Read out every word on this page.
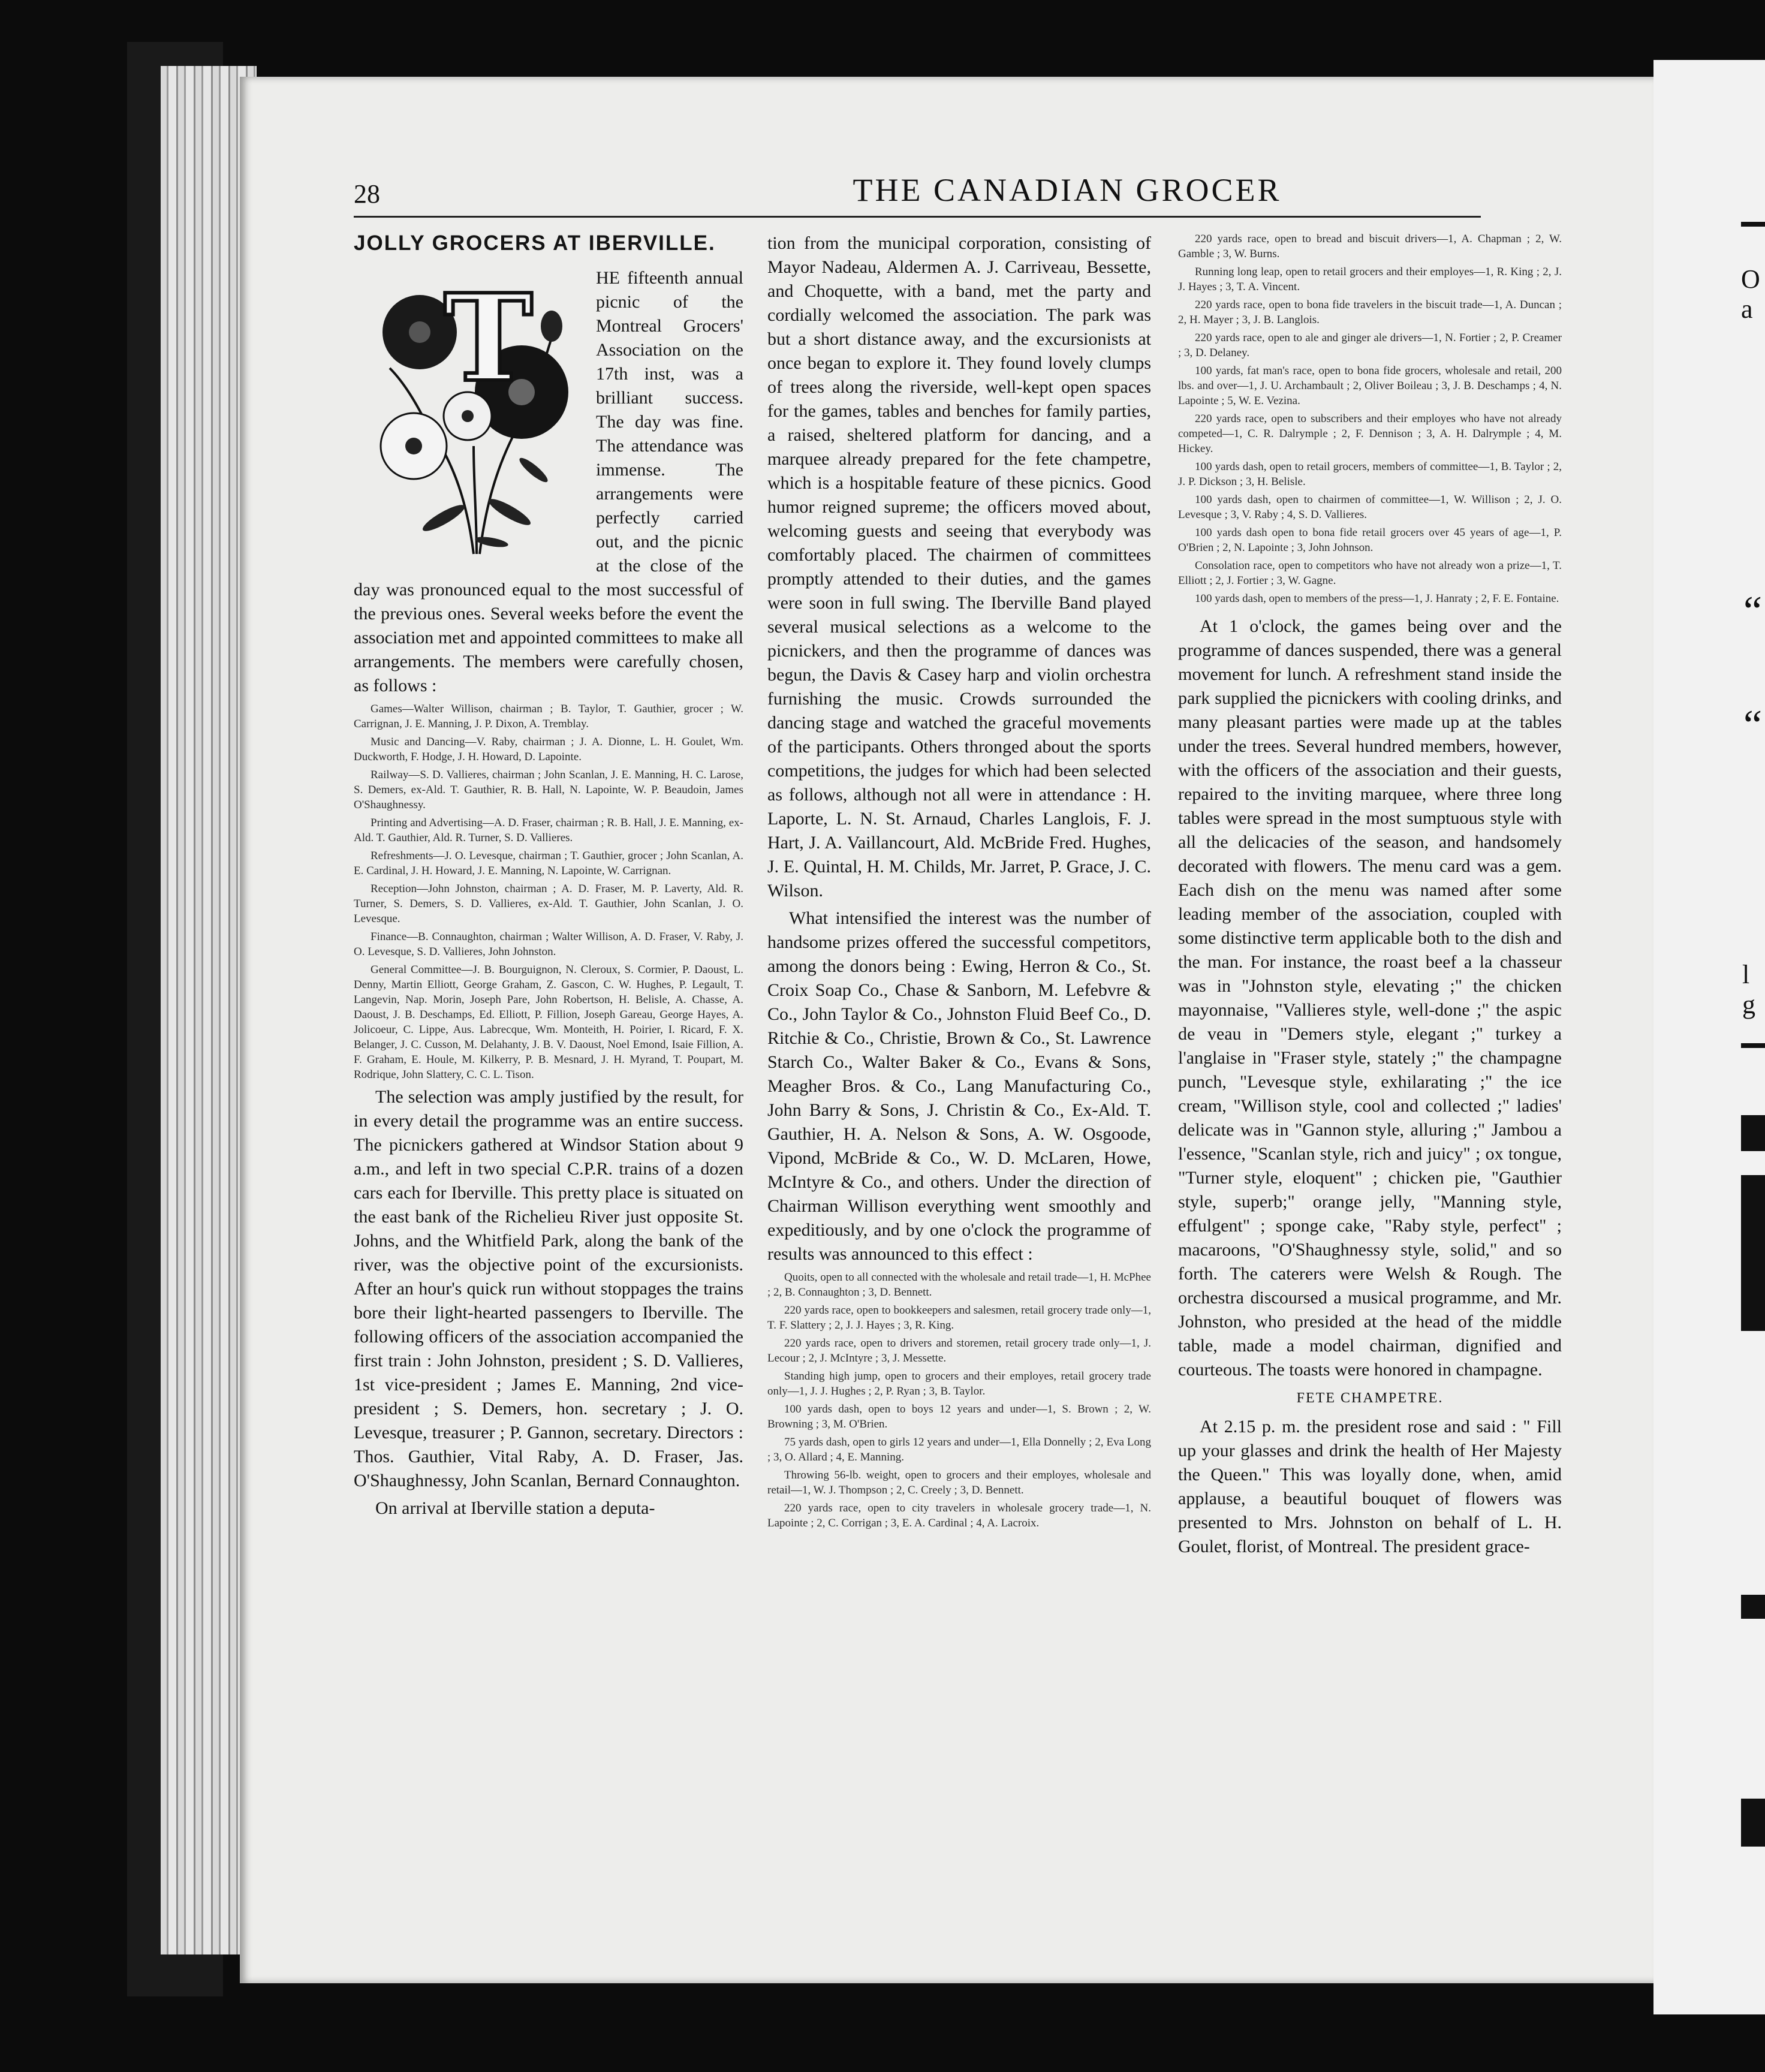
28	THE CANADIAN GROCER
JOLLY GROCERS AT IBERVILLE.
T	HE fifteenth annual picnic of the Montreal Grocers' Association on the 17th inst, was a brilliant success. The day was fine. The attendance was immense. The arrangements were perfectly carried out, and the picnic at the close of the day was pronounced equal to the most successful of the previous ones. Several weeks before the event the association met and appointed committees to make all arrangements. The members were carefully chosen, as follows :

Games—Walter Willison, chairman ; B. Taylor, T. Gauthier, grocer ; W. Carrignan, J. E. Manning, J. P. Dixon, A. Tremblay.

Music and Dancing—V. Raby, chairman ; J. A. Dionne, L. H. Goulet, Wm. Duckworth, F. Hodge, J. H. Howard, D. Lapointe.

Railway—S. D. Vallieres, chairman ; John Scanlan, J. E. Manning, H. C. Larose, S. Demers, ex-Ald. T. Gauthier, R. B. Hall, N. Lapointe, W. P. Beaudoin, James O'Shaughnessy.

Printing and Advertising—A. D. Fraser, chairman ; R. B. Hall, J. E. Manning, ex-Ald. T. Gauthier, Ald. R. Turner, S. D. Vallieres.

Refreshments—J. O. Levesque, chairman ; T. Gauthier, grocer ; John Scanlan, A. E. Cardinal, J. H. Howard, J. E. Manning, N. Lapointe, W. Carrignan.

Reception—John Johnston, chairman ; A. D. Fraser, M. P. Laverty, Ald. R. Turner, S. Demers, S. D. Vallieres, ex-Ald. T. Gauthier, John Scanlan, J. O. Levesque.

Finance—B. Connaughton, chairman ; Walter Willison, A. D. Fraser, V. Raby, J. O. Levesque, S. D. Vallieres, John Johnston.

General Committee—J. B. Bourguignon, N. Cleroux, S. Cormier, P. Daoust, L. Denny, Martin Elliott, George Graham, Z. Gascon, C. W. Hughes, P. Legault, T. Langevin, Nap. Morin, Joseph Pare, John Robertson, H. Belisle, A. Chasse, A. Daoust, J. B. Deschamps, Ed. Elliott, P. Fillion, Joseph Gareau, George Hayes, A. Jolicoeur, C. Lippe, Aus. Labrecque, Wm. Monteith, H. Poirier, I. Ricard, F. X. Belanger, J. C. Cusson, M. Delahanty, J. B. V. Daoust, Noel Emond, Isaie Fillion, A. F. Graham, E. Houle, M. Kilkerry, P. B. Mesnard, J. H. Myrand, T. Poupart, M. Rodrique, John Slattery, C. C. L. Tison.

The selection was amply justified by the result, for in every detail the programme was an entire success. The picnickers gathered at Windsor Station about 9 a.m., and left in two special C.P.R. trains of a dozen cars each for Iberville. This pretty place is situated on the east bank of the Richelieu River just opposite St. Johns, and the Whitfield Park, along the bank of the river, was the objective point of the excursionists. After an hour's quick run without stoppages the trains bore their light-hearted passengers to Iberville. The following officers of the association accompanied the first train : John Johnston, president ; S. D. Vallieres, 1st vice-president ; James E. Manning, 2nd vice-president ; S. Demers, hon. secretary ; J. O. Levesque, treasurer ; P. Gannon, secretary. Directors : Thos. Gauthier, Vital Raby, A. D. Fraser, Jas. O'Shaughnessy, John Scanlan, Bernard Connaughton.

On arrival at Iberville station a deputa-

tion from the municipal corporation, consisting of Mayor Nadeau, Aldermen A. J. Carriveau, Bessette, and Choquette, with a band, met the party and cordially welcomed the association. The park was but a short distance away, and the excursionists at once began to explore it. They found lovely clumps of trees along the riverside, well-kept open spaces for the games, tables and benches for family parties, a raised, sheltered platform for dancing, and a marquee already prepared for the fete champetre, which is a hospitable feature of these picnics. Good humor reigned supreme; the officers moved about, welcoming guests and seeing that everybody was comfortably placed. The chairmen of committees promptly attended to their duties, and the games were soon in full swing. The Iberville Band played several musical selections as a welcome to the picnickers, and then the programme of dances was begun, the Davis & Casey harp and violin orchestra furnishing the music. Crowds surrounded the dancing stage and watched the graceful movements of the participants. Others thronged about the sports competitions, the judges for which had been selected as follows, although not all were in attendance : H. Laporte, L. N. St. Arnaud, Charles Langlois, F. J. Hart, J. A. Vaillancourt, Ald. McBride Fred. Hughes, J. E. Quintal, H. M. Childs, Mr. Jarret, P. Grace, J. C. Wilson.

What intensified the interest was the number of handsome prizes offered the successful competitors, among the donors being : Ewing, Herron & Co., St. Croix Soap Co., Chase & Sanborn, M. Lefebvre & Co., John Taylor & Co., Johnston Fluid Beef Co., D. Ritchie & Co., Christie, Brown & Co., St. Lawrence Starch Co., Walter Baker & Co., Evans & Sons, Meagher Bros. & Co., Lang Manufacturing Co., John Barry & Sons, J. Christin & Co., Ex-Ald. T. Gauthier, H. A. Nelson & Sons, A. W. Osgoode, Vipond, McBride & Co., W. D. McLaren, Howe, McIntyre & Co., and others. Under the direction of Chairman Willison everything went smoothly and expeditiously, and by one o'clock the programme of results was announced to this effect :

Quoits, open to all connected with the wholesale and retail trade—1, H. McPhee ; 2, B. Connaughton ; 3, D. Bennett.

220 yards race, open to bookkeepers and salesmen, retail grocery trade only—1, T. F. Slattery ; 2, J. J. Hayes ; 3, R. King.

220 yards race, open to drivers and storemen, retail grocery trade only—1, J. Lecour ; 2, J. McIntyre ; 3, J. Messette.

Standing high jump, open to grocers and their employes, retail grocery trade only—1, J. J. Hughes ; 2, P. Ryan ; 3, B. Taylor.

100 yards dash, open to boys 12 years and under—1, S. Brown ; 2, W. Browning ; 3, M. O'Brien.

75 yards dash, open to girls 12 years and under—1, Ella Donnelly ; 2, Eva Long ; 3, O. Allard ; 4, E. Manning.

Throwing 56-lb. weight, open to grocers and their employes, wholesale and retail—1, W. J. Thompson ; 2, C. Creely ; 3, D. Bennett.

220 yards race, open to city travelers in wholesale grocery trade—1, N. Lapointe ; 2, C. Corrigan ; 3, E. A. Cardinal ; 4, A. Lacroix.

220 yards race, open to bread and biscuit drivers—1, A. Chapman ; 2, W. Gamble ; 3, W. Burns.

Running long leap, open to retail grocers and their employes—1, R. King ; 2, J. J. Hayes ; 3, T. A. Vincent.

220 yards race, open to bona fide travelers in the biscuit trade—1, A. Duncan ; 2, H. Mayer ; 3, J. B. Langlois.

220 yards race, open to ale and ginger ale drivers—1, N. Fortier ; 2, P. Creamer ; 3, D. Delaney.

100 yards, fat man's race, open to bona fide grocers, wholesale and retail, 200 lbs. and over—1, J. U. Archambault ; 2, Oliver Boileau ; 3, J. B. Deschamps ; 4, N. Lapointe ; 5, W. E. Vezina.

220 yards race, open to subscribers and their employes who have not already competed—1, C. R. Dalrymple ; 2, F. Dennison ; 3, A. H. Dalrymple ; 4, M. Hickey.

100 yards dash, open to retail grocers, members of committee—1, B. Taylor ; 2, J. P. Dickson ; 3, H. Belisle.

100 yards dash, open to chairmen of committee—1, W. Willison ; 2, J. O. Levesque ; 3, V. Raby ; 4, S. D. Vallieres.

100 yards dash open to bona fide retail grocers over 45 years of age—1, P. O'Brien ; 2, N. Lapointe ; 3, John Johnson.

Consolation race, open to competitors who have not already won a prize—1, T. Elliott ; 2, J. Fortier ; 3, W. Gagne.

100 yards dash, open to members of the press—1, J. Hanraty ; 2, F. E. Fontaine.

At 1 o'clock, the games being over and the programme of dances suspended, there was a general movement for lunch. A refreshment stand inside the park supplied the picnickers with cooling drinks, and many pleasant parties were made up at the tables under the trees. Several hundred members, however, with the officers of the association and their guests, repaired to the inviting marquee, where three long tables were spread in the most sumptuous style with all the delicacies of the season, and handsomely decorated with flowers. The menu card was a gem. Each dish on the menu was named after some leading member of the association, coupled with some distinctive term applicable both to the dish and the man. For instance, the roast beef a la chasseur was in "Johnston style, elevating ;" the chicken mayonnaise, "Vallieres style, well-done ;" the aspic de veau in "Demers style, elegant ;" turkey a l'anglaise in "Fraser style, stately ;" the champagne punch, "Levesque style, exhilarating ;" the ice cream, "Willison style, cool and collected ;" ladies' delicate was in "Gannon style, alluring ;" Jambou a l'essence, "Scanlan style, rich and juicy" ; ox tongue, "Turner style, eloquent" ; chicken pie, "Gauthier style, superb;" orange jelly, "Manning style, effulgent" ; sponge cake, "Raby style, perfect" ; macaroons, "O'Shaughnessy style, solid," and so forth. The caterers were Welsh & Rough. The orchestra discoursed a musical programme, and Mr. Johnston, who presided at the head of the middle table, made a model chairman, dignified and courteous. The toasts were honored in champagne.

FETE CHAMPETRE.

At 2.15 p. m. the president rose and said : " Fill up your glasses and drink the health of Her Majesty the Queen." This was loyally done, when, amid applause, a beautiful bouquet of flowers was presented to Mrs. Johnston on behalf of L. H. Goulet, florist, of Montreal. The president grace-

O
a
“
“
l
g
